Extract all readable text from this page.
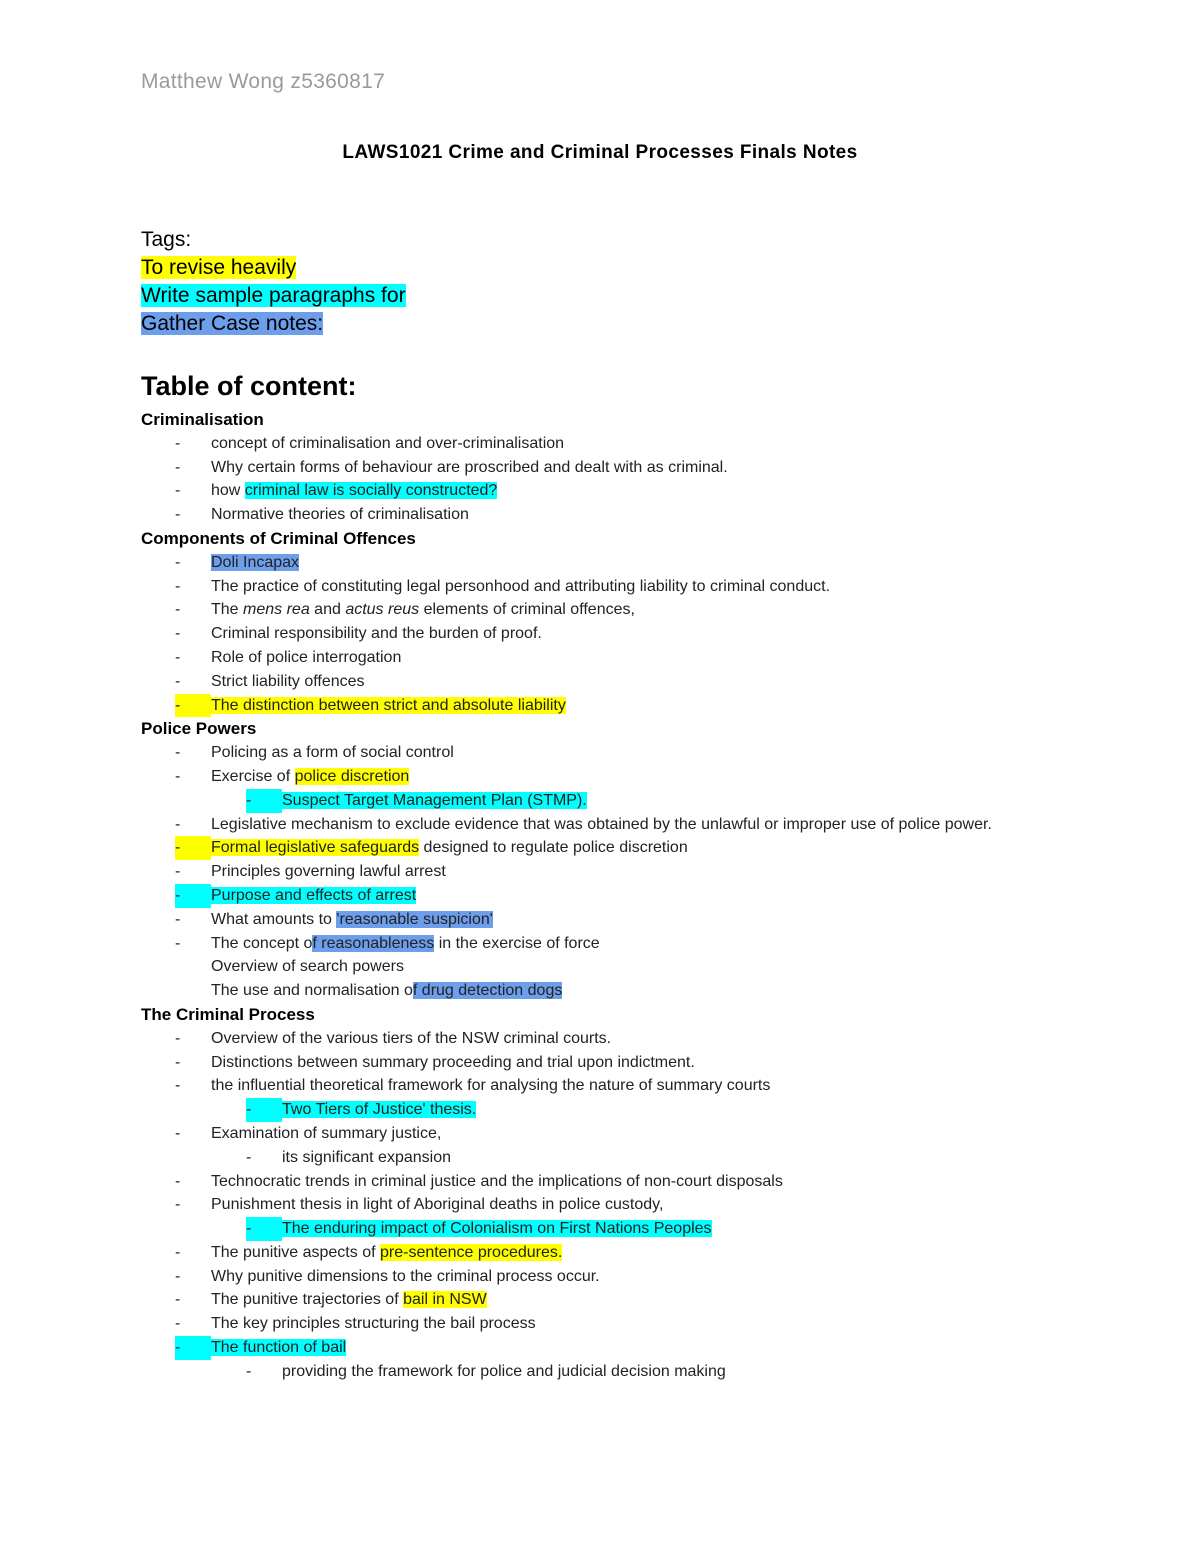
Matthew Wong z5360817
LAWS1021 Crime and Criminal Processes Finals Notes
Tags:
To revise heavily
Write sample paragraphs for
Gather Case notes:
Table of content:
Criminalisation
-	concept of criminalisation and over-criminalisation
-	Why certain forms of behaviour are proscribed and dealt with as criminal.
-	how criminal law is socially constructed?
-	Normative theories of criminalisation
Components of Criminal Offences
-	Doli Incapax
-	The practice of constituting legal personhood and attributing liability to criminal conduct.
-	The mens rea and actus reus elements of criminal offences,
-	Criminal responsibility and the burden of proof.
-	Role of police interrogation
-	Strict liability offences
-	The distinction between strict and absolute liability
Police Powers
-	Policing as a form of social control
-	Exercise of police discretion
-	Suspect Target Management Plan (STMP).
-	Legislative mechanism to exclude evidence that was obtained by the unlawful or improper use of police power.
-	Formal legislative safeguards designed to regulate police discretion
-	Principles governing lawful arrest
-	Purpose and effects of arrest
-	What amounts to 'reasonable suspicion'
-	The concept of reasonableness in the exercise of force
Overview of search powers
The use and normalisation of drug detection dogs
The Criminal Process
-	Overview of the various tiers of the NSW criminal courts.
-	Distinctions between summary proceeding and trial upon indictment.
-	the influential theoretical framework for analysing the nature of summary courts
-	Two Tiers of Justice' thesis.
-	Examination of summary justice,
-	its significant expansion
-	Technocratic trends in criminal justice and the implications of non-court disposals
-	Punishment thesis in light of Aboriginal deaths in police custody,
-	The enduring impact of Colonialism on First Nations Peoples
-	The punitive aspects of pre-sentence procedures.
-	Why punitive dimensions to the criminal process occur.
-	The punitive trajectories of bail in NSW
-	The key principles structuring the bail process
-	The function of bail
-	providing the framework for police and judicial decision making
